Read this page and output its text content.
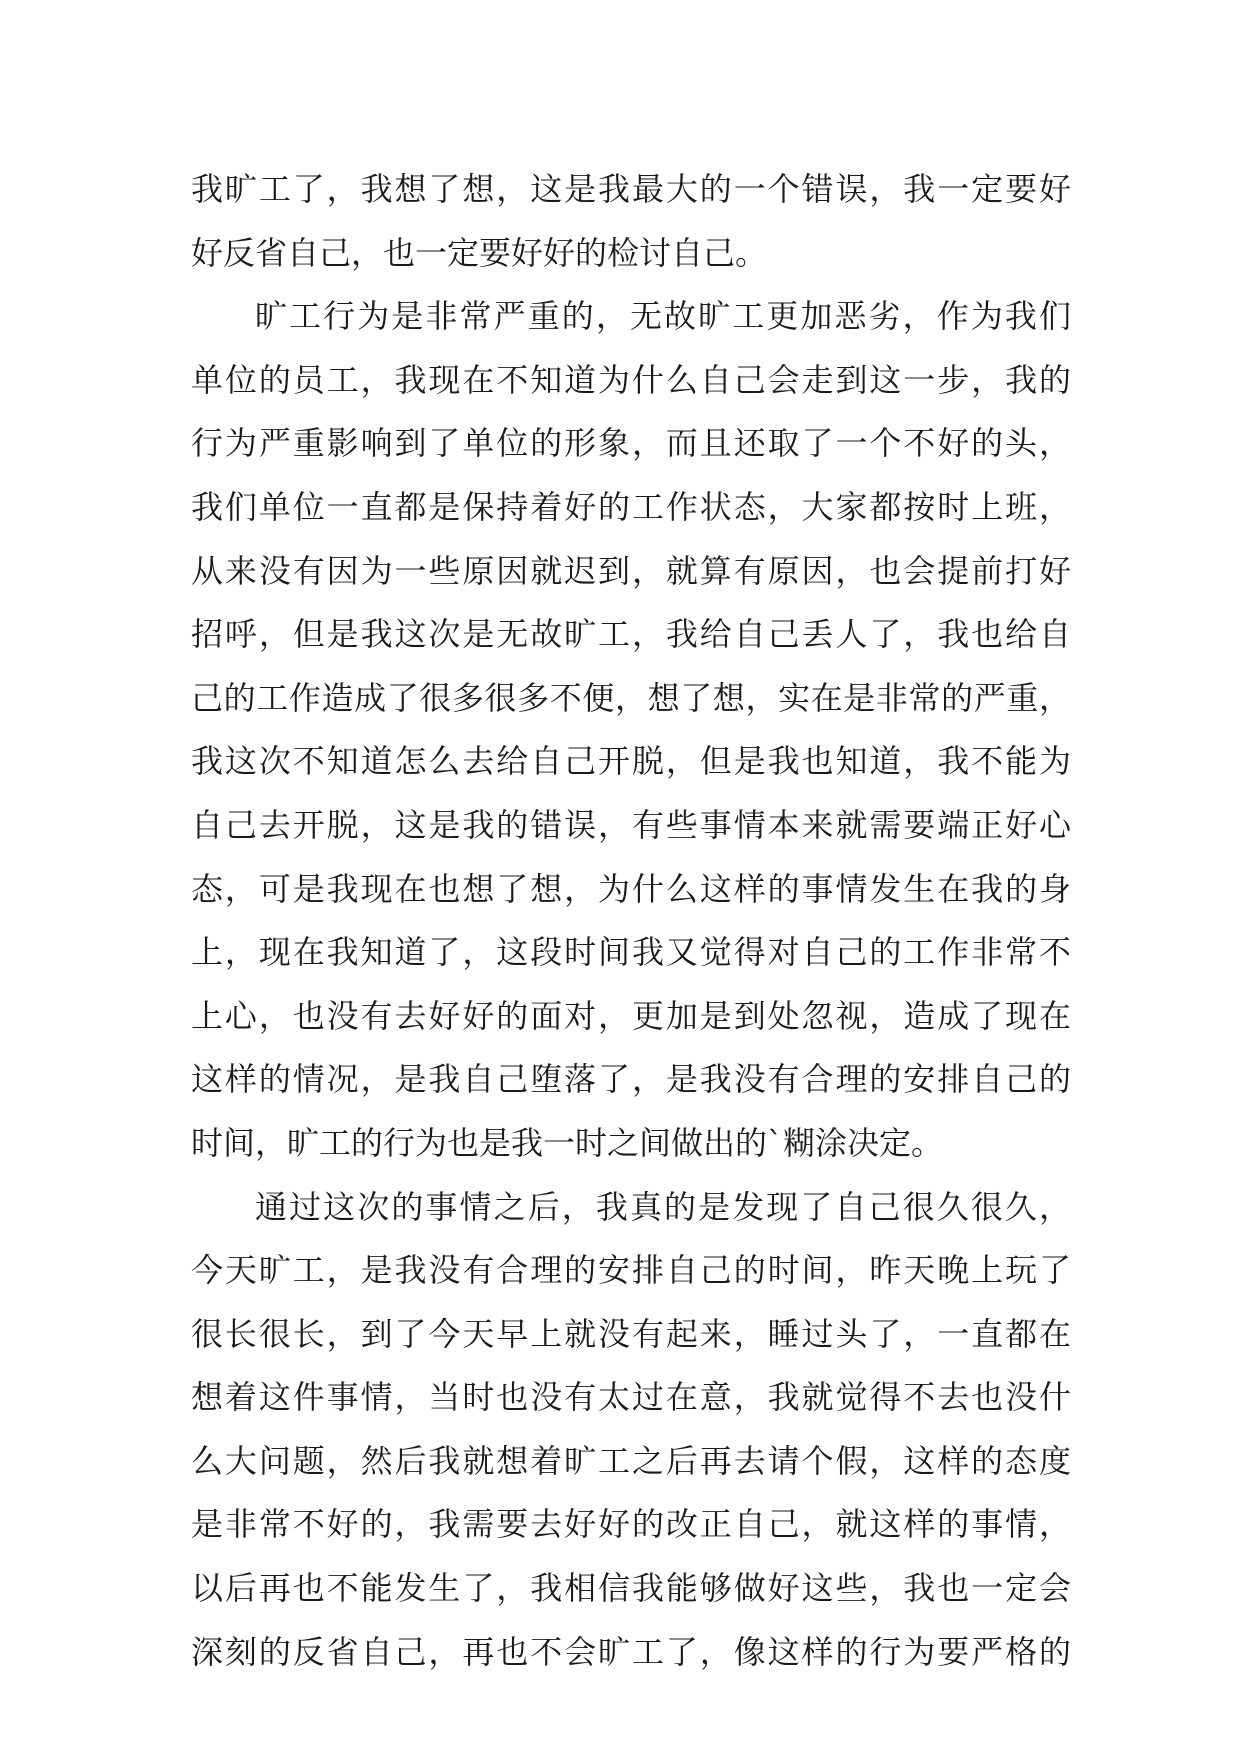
我旷工了，我想了想，这是我最大的一个错误，我一定要好
好反省自己，也一定要好好的检讨自己。
旷工行为是非常严重的，无故旷工更加恶劣，作为我们
单位的员工，我现在不知道为什么自己会走到这一步，我的
行为严重影响到了单位的形象，而且还取了一个不好的头，
我们单位一直都是保持着好的工作状态，大家都按时上班，
从来没有因为一些原因就迟到，就算有原因，也会提前打好
招呼，但是我这次是无故旷工，我给自己丢人了，我也给自
己的工作造成了很多很多不便，想了想，实在是非常的严重，
我这次不知道怎么去给自己开脱，但是我也知道，我不能为
自己去开脱，这是我的错误，有些事情本来就需要端正好心
态，可是我现在也想了想，为什么这样的事情发生在我的身
上，现在我知道了，这段时间我又觉得对自己的工作非常不
上心，也没有去好好的面对，更加是到处忽视，造成了现在
这样的情况，是我自己堕落了，是我没有合理的安排自己的
时间，旷工的行为也是我一时之间做出的`糊涂决定。
通过这次的事情之后，我真的是发现了自己很久很久，
今天旷工，是我没有合理的安排自己的时间，昨天晚上玩了
很长很长，到了今天早上就没有起来，睡过头了，一直都在
想着这件事情，当时也没有太过在意，我就觉得不去也没什
么大问题，然后我就想着旷工之后再去请个假，这样的态度
是非常不好的，我需要去好好的改正自己，就这样的事情，
以后再也不能发生了，我相信我能够做好这些，我也一定会
深刻的反省自己，再也不会旷工了，像这样的行为要严格的
